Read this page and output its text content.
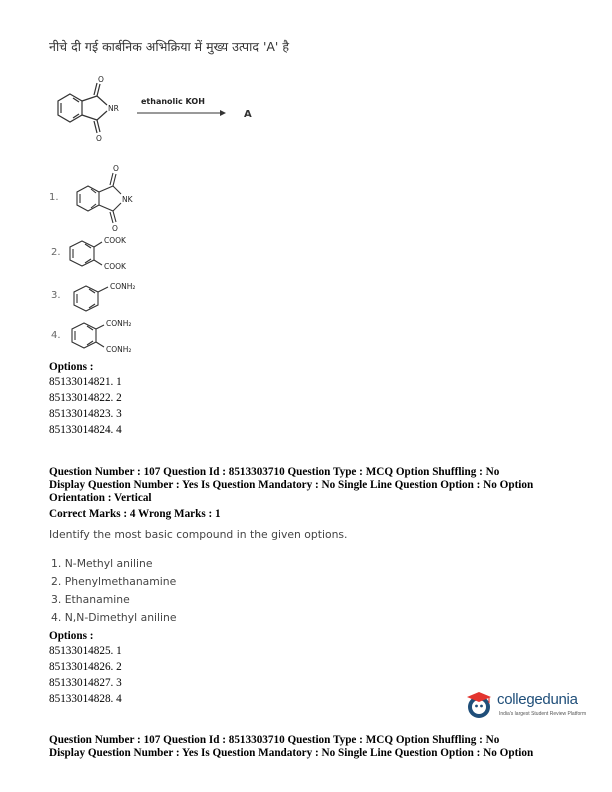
नीचे दी गई कार्बनिक अभिक्रिया में मुख्य उत्पाद 'A' है
O
O
NR
ethanolic KOH
A
1.
O
O
NK
2.
COOK
COOK
3.
CONH₂
4.
CONH₂
CONH₂
Options :
85133014821. 1
85133014822. 2
85133014823. 3
85133014824. 4
Question Number : 107 Question Id : 8513303710 Question Type : MCQ Option Shuffling : No
Display Question Number : Yes Is Question Mandatory : No Single Line Question Option : No Option
Orientation : Vertical
Correct Marks : 4 Wrong Marks : 1
Identify the most basic compound in the given options.
1. N-Methyl aniline
2. Phenylmethanamine
3. Ethanamine
4. N,N-Dimethyl aniline
Options :
85133014825. 1
85133014826. 2
85133014827. 3
85133014828. 4	collegedunia
India's largest Student Review Platform
Question Number : 107 Question Id : 8513303710 Question Type : MCQ Option Shuffling : No
Display Question Number : Yes Is Question Mandatory : No Single Line Question Option : No Option
